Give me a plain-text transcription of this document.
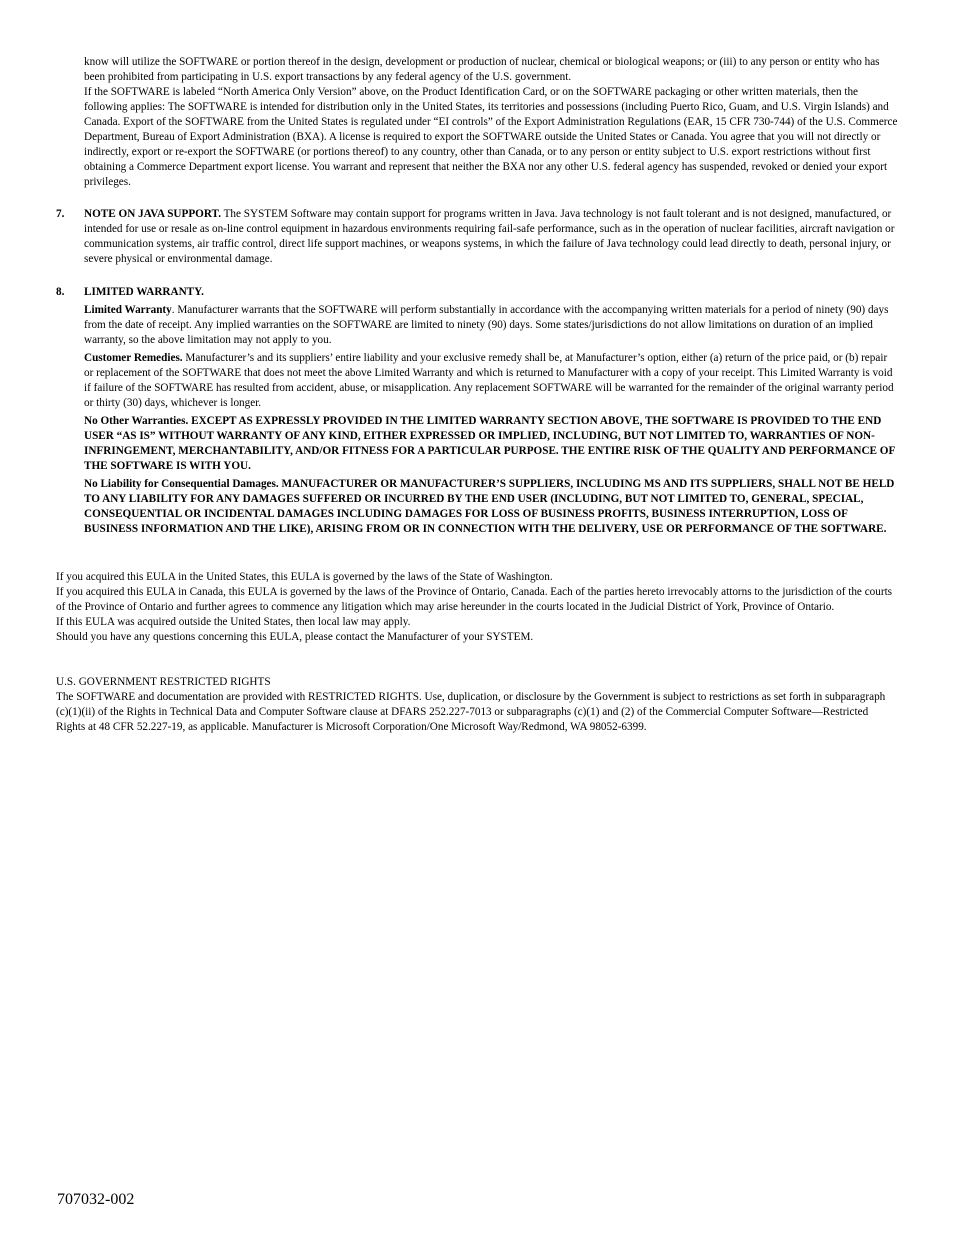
know will utilize the SOFTWARE or portion thereof in the design, development or production of nuclear, chemical or biological weapons; or (iii) to any person or entity who has been prohibited from participating in U.S. export transactions by any federal agency of the U.S. government.

If the SOFTWARE is labeled “North America Only Version” above, on the Product Identification Card, or on the SOFTWARE packaging or other written materials, then the following applies: The SOFTWARE is intended for distribution only in the United States, its territories and possessions (including Puerto Rico, Guam, and U.S. Virgin Islands) and Canada. Export of the SOFTWARE from the United States is regulated under “EI controls” of the Export Administration Regulations (EAR, 15 CFR 730-744) of the U.S. Commerce Department, Bureau of Export Administration (BXA). A license is required to export the SOFTWARE outside the United States or Canada. You agree that you will not directly or indirectly, export or re-export the SOFTWARE (or portions thereof) to any country, other than Canada, or to any person or entity subject to U.S. export restrictions without first obtaining a Commerce Department export license. You warrant and represent that neither the BXA nor any other U.S. federal agency has suspended, revoked or denied your export privileges.

7. NOTE ON JAVA SUPPORT. The SYSTEM Software may contain support for programs written in Java. Java technology is not fault tolerant and is not designed, manufactured, or intended for use or resale as on-line control equipment in hazardous environments requiring fail-safe performance, such as in the operation of nuclear facilities, aircraft navigation or communication systems, air traffic control, direct life support machines, or weapons systems, in which the failure of Java technology could lead directly to death, personal injury, or severe physical or environmental damage.

8. LIMITED WARRANTY.

Limited Warranty. Manufacturer warrants that the SOFTWARE will perform substantially in accordance with the accompanying written materials for a period of ninety (90) days from the date of receipt. Any implied warranties on the SOFTWARE are limited to ninety (90) days. Some states/jurisdictions do not allow limitations on duration of an implied warranty, so the above limitation may not apply to you.

Customer Remedies. Manufacturer’s and its suppliers’ entire liability and your exclusive remedy shall be, at Manufacturer’s option, either (a) return of the price paid, or (b) repair or replacement of the SOFTWARE that does not meet the above Limited Warranty and which is returned to Manufacturer with a copy of your receipt. This Limited Warranty is void if failure of the SOFTWARE has resulted from accident, abuse, or misapplication. Any replacement SOFTWARE will be warranted for the remainder of the original warranty period or thirty (30) days, whichever is longer.

No Other Warranties. EXCEPT AS EXPRESSLY PROVIDED IN THE LIMITED WARRANTY SECTION ABOVE, THE SOFTWARE IS PROVIDED TO THE END USER “AS IS” WITHOUT WARRANTY OF ANY KIND, EITHER EXPRESSED OR IMPLIED, INCLUDING, BUT NOT LIMITED TO, WARRANTIES OF NON-INFRINGEMENT, MERCHANTABILITY, AND/OR FITNESS FOR A PARTICULAR PURPOSE. THE ENTIRE RISK OF THE QUALITY AND PERFORMANCE OF THE SOFTWARE IS WITH YOU.

No Liability for Consequential Damages. MANUFACTURER OR MANUFACTURER’S SUPPLIERS, INCLUDING MS AND ITS SUPPLIERS, SHALL NOT BE HELD TO ANY LIABILITY FOR ANY DAMAGES SUFFERED OR INCURRED BY THE END USER (INCLUDING, BUT NOT LIMITED TO, GENERAL, SPECIAL, CONSEQUENTIAL OR INCIDENTAL DAMAGES INCLUDING DAMAGES FOR LOSS OF BUSINESS PROFITS, BUSINESS INTERRUPTION, LOSS OF BUSINESS INFORMATION AND THE LIKE), ARISING FROM OR IN CONNECTION WITH THE DELIVERY, USE OR PERFORMANCE OF THE SOFTWARE.

If you acquired this EULA in the United States, this EULA is governed by the laws of the State of Washington.

If you acquired this EULA in Canada, this EULA is governed by the laws of the Province of Ontario, Canada. Each of the parties hereto irrevocably attorns to the jurisdiction of the courts of the Province of Ontario and further agrees to commence any litigation which may arise hereunder in the courts located in the Judicial District of York, Province of Ontario.

If this EULA was acquired outside the United States, then local law may apply.

Should you have any questions concerning this EULA, please contact the Manufacturer of your SYSTEM.

U.S. GOVERNMENT RESTRICTED RIGHTS

The SOFTWARE and documentation are provided with RESTRICTED RIGHTS. Use, duplication, or disclosure by the Government is subject to restrictions as set forth in subparagraph (c)(1)(ii) of the Rights in Technical Data and Computer Software clause at DFARS 252.227-7013 or subparagraphs (c)(1) and (2) of the Commercial Computer Software—Restricted Rights at 48 CFR 52.227-19, as applicable. Manufacturer is Microsoft Corporation/One Microsoft Way/Redmond, WA 98052-6399.

707032-002
